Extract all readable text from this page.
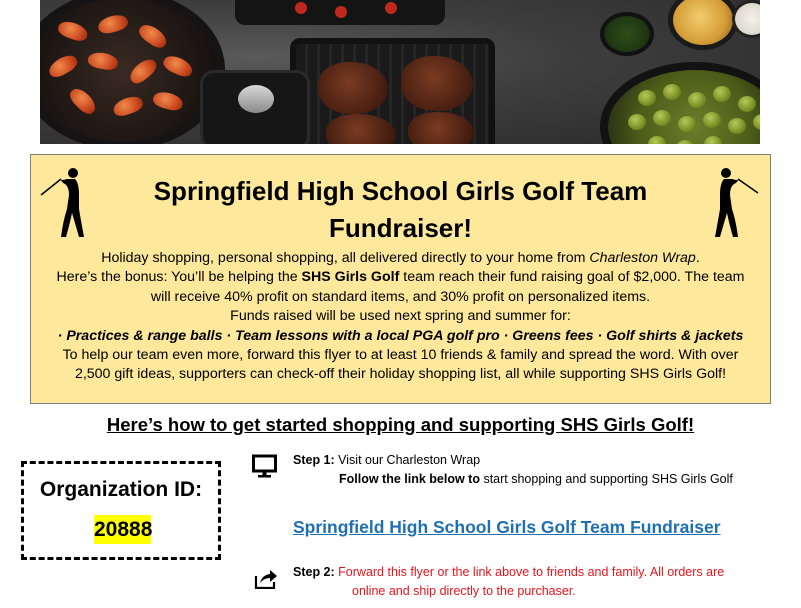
Springfield High School Girls Golf Team
Fundraiser!
Holiday shopping, personal shopping, all delivered directly to your home from Charleston Wrap.
Here’s the bonus: You’ll be helping the SHS Girls Golf team reach their fund raising goal of $2,000. The team
will receive 40% profit on standard items, and 30% profit on personalized items.
Funds raised will be used next spring and summer for:
· Practices & range balls · Team lessons with a local PGA golf pro · Greens fees · Golf shirts & jackets
To help our team even more, forward this flyer to at least 10 friends & family and spread the word. With over
2,500 gift ideas, supporters can check-off their holiday shopping list, all while supporting SHS Girls Golf!
Here’s how to get started shopping and supporting SHS Girls Golf!
Organization ID:
20888
Step 1: Visit our Charleston Wrap
Follow the link below to start shopping and supporting SHS Girls Golf
Springfield High School Girls Golf Team Fundraiser
Step 2: Forward this flyer or the link above to friends and family. All orders are
online and ship directly to the purchaser.
